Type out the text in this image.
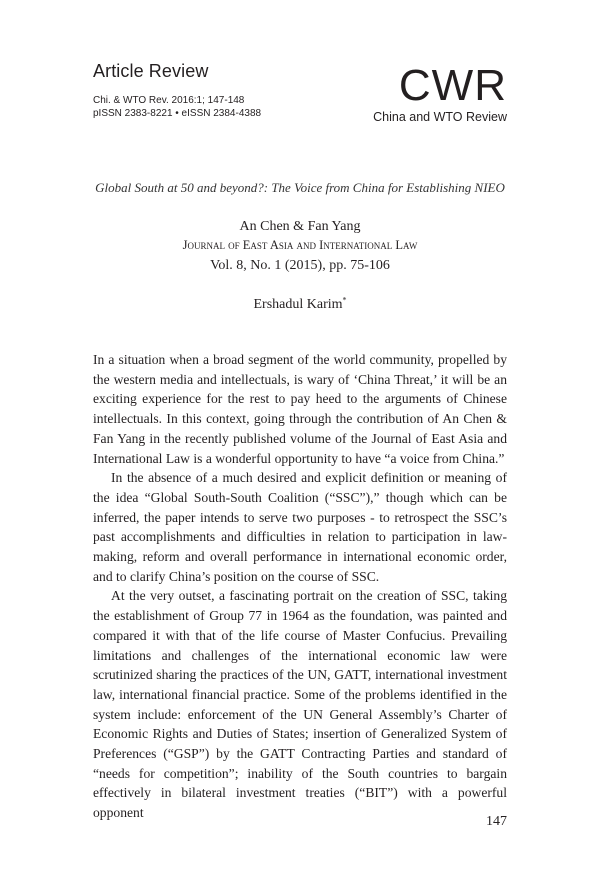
Article Review
Chi. & WTO Rev. 2016:1; 147-148
pISSN 2383-8221 • eISSN 2384-4388
CWR
China and WTO Review
Global South at 50 and beyond?: The Voice from China for Establishing NIEO
An Chen & Fan Yang
Journal of East Asia and International Law
Vol. 8, No. 1 (2015), pp. 75-106
Ershadul Karim*

In a situation when a broad segment of the world community, propelled by the western media and intellectuals, is wary of ‘China Threat,’ it will be an exciting experience for the rest to pay heed to the arguments of Chinese intellectuals. In this context, going through the contribution of An Chen & Fan Yang in the recently published volume of the Journal of East Asia and International Law is a wonderful opportunity to have “a voice from China.”

In the absence of a much desired and explicit definition or meaning of the idea “Global South-South Coalition (“SSC”),” though which can be inferred, the paper intends to serve two purposes - to retrospect the SSC’s past accomplishments and difficulties in relation to participation in law-making, reform and overall performance in international economic order, and to clarify China’s position on the course of SSC.

At the very outset, a fascinating portrait on the creation of SSC, taking the establishment of Group 77 in 1964 as the foundation, was painted and compared it with that of the life course of Master Confucius. Prevailing limitations and challenges of the international economic law were scrutinized sharing the practices of the UN, GATT, international investment law, international financial practice. Some of the problems identified in the system include: enforcement of the UN General Assembly’s Charter of Economic Rights and Duties of States; insertion of Generalized System of Preferences (“GSP”) by the GATT Contracting Parties and standard of “needs for competition”; inability of the South countries to bargain effectively in bilateral investment treaties (“BIT”) with a powerful opponent

147
